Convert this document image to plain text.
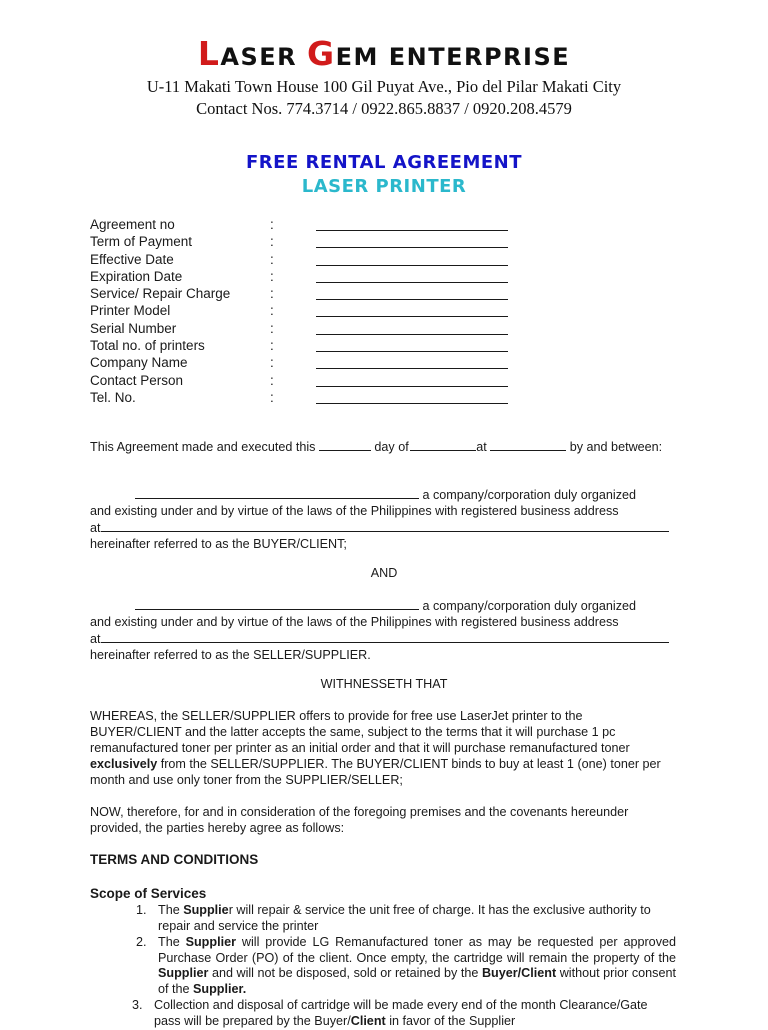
LASER GEM ENTERPRISE
U-11 Makati Town House 100 Gil Puyat Ave., Pio del Pilar Makati City
Contact Nos. 774.3714 / 0922.865.8837 / 0920.208.4579
FREE RENTAL AGREEMENT
LASER PRINTER
Agreement no	:
Term of Payment	:
Effective Date	:
Expiration Date	:
Service/ Repair Charge	:
Printer Model	:
Serial Number	:
Total no. of printers	:
Company Name	:
Contact Person	:
Tel. No.	:
This Agreement made and executed this	day of	at	by and between:
a company/corporation duly organized
and existing under and by virtue of the laws of the Philippines with registered business address
at
hereinafter referred to as the BUYER/CLIENT;
AND
a company/corporation duly organized
and existing under and by virtue of the laws of the Philippines with registered business address
at
hereinafter referred to as the SELLER/SUPPLIER.
WITHNESSETH THAT
WHEREAS, the SELLER/SUPPLIER offers to provide for free use LaserJet printer to the BUYER/CLIENT and the latter accepts the same, subject to the terms that it will purchase 1 pc remanufactured toner per printer as an initial order and that it will purchase remanufactured toner exclusively from the SELLER/SUPPLIER. The BUYER/CLIENT binds to buy at least 1 (one) toner per month and use only toner from the SUPPLIER/SELLER;
NOW, therefore, for and in consideration of the foregoing premises and the covenants hereunder provided, the parties hereby agree as follows:
TERMS AND CONDITIONS
Scope of Services
1. The Supplier will repair & service the unit free of charge. It has the exclusive authority to repair and service the printer
2. The Supplier will provide LG Remanufactured toner as may be requested per approved Purchase Order (PO) of the client. Once empty, the cartridge will remain the property of the Supplier and will not be disposed, sold or retained by the Buyer/Client without prior consent of the Supplier.
3. Collection and disposal of cartridge will be made every end of the month Clearance/Gate pass will be prepared by the Buyer/Client in favor of the Supplier
